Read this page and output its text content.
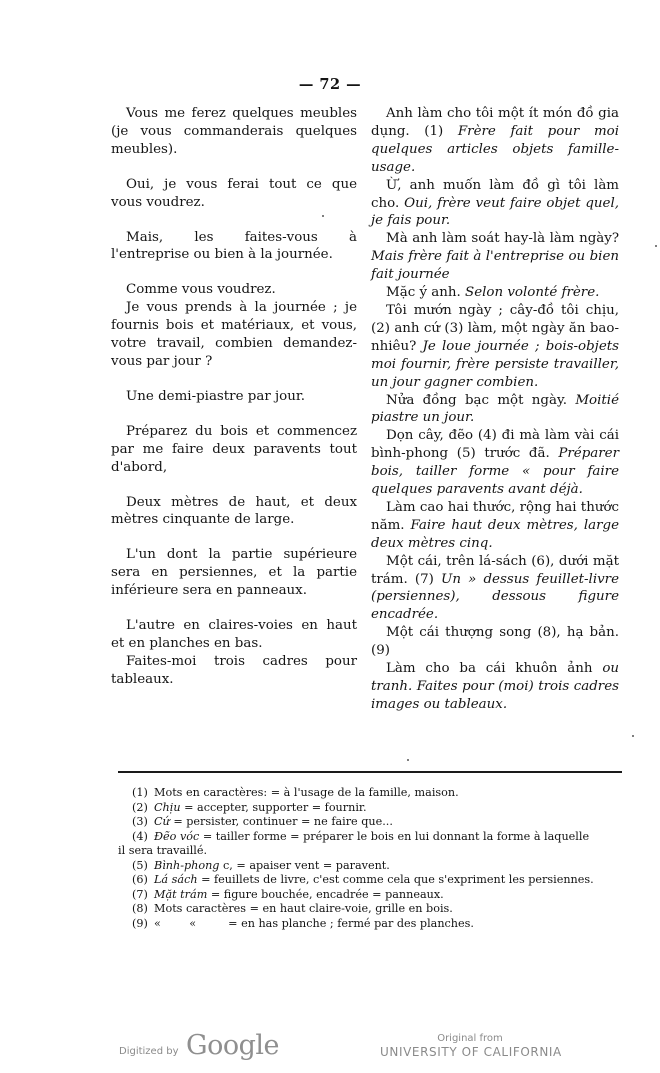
— 72 —

Vous me ferez quelques meubles (je vous commanderais quelques meubles).

Oui, je vous ferai tout ce que vous voudrez.

Mais, les faites-vous à l'entreprise ou bien à la journée.

Comme vous voudrez.

Je vous prends à la journée ; je fournis bois et matériaux, et vous, votre travail, combien demandez-vous par jour ?

Une demi-piastre par jour.

Préparez du bois et commencez par me faire deux paravents tout d'abord,

Deux mètres de haut, et deux mètres cinquante de large.

L'un dont la partie supérieure sera en persiennes, et la partie inférieure sera en panneaux.

L'autre en claires-voies en haut et en planches en bas.

Faites-moi trois cadres pour tableaux.

Anh làm cho tôi một ít món đồ gia dụng. (1) Frère fait pour moi quelques articles objets famille-usage.

Ừ, anh muốn làm đồ gì tôi làm cho. Oui, frère veut faire objet quel, je fais pour.

Mà anh làm soát hay-là làm ngày? Mais frère fait à l'entreprise ou bien fait journée

Mặc ý anh. Selon volonté frère.

Tôi mướn ngày ; cây-đồ tôi chịu, (2) anh cứ (3) làm, một ngày ăn bao-nhiêu? Je loue journée ; bois-objets moi fournir, frère persiste travailler, un jour gagner combien.

Nửa đồng bạc một ngày. Moitié piastre un jour.

Dọn cây, đẽo (4) đi mà làm vài cái bình-phong (5) trước đã. Préparer bois, tailler forme « pour faire quelques paravents avant déjà.

Làm cao hai thước, rộng hai thước năm. Faire haut deux mètres, large deux mètres cinq.

Một cái, trên lá-sách (6), dưới mặt trám. (7) Un » dessus feuillet-livre (persiennes), dessous figure encadrée.

Một cái thượng song (8), hạ bản. (9)

Làm cho ba cái khuôn ảnh ou tranh. Faites pour (moi) trois cadres images ou tableaux.

(1) Mots en caractères: = à l'usage de la famille, maison.

(2) Chịu = accepter, supporter = fournir.

(3) Cứ = persister, continuer = ne faire que...

(4) Đẽo vóc = tailler forme = préparer le bois en lui donnant la forme à laquelle

il sera travaillé.

(5) Bình-phong c, = apaiser vent = paravent.

(6) Lá sách = feuillets de livre, c'est comme cela que s'expriment les persiennes.

(7) Mặt trám = figure bouchée, encadrée = panneaux.

(8) Mots caractères = en haut claire-voie, grille en bois.

(9) «        «         = en has planche ; fermé par des planches.

Digitized by Google	Original from
UNIVERSITY OF CALIFORNIA
